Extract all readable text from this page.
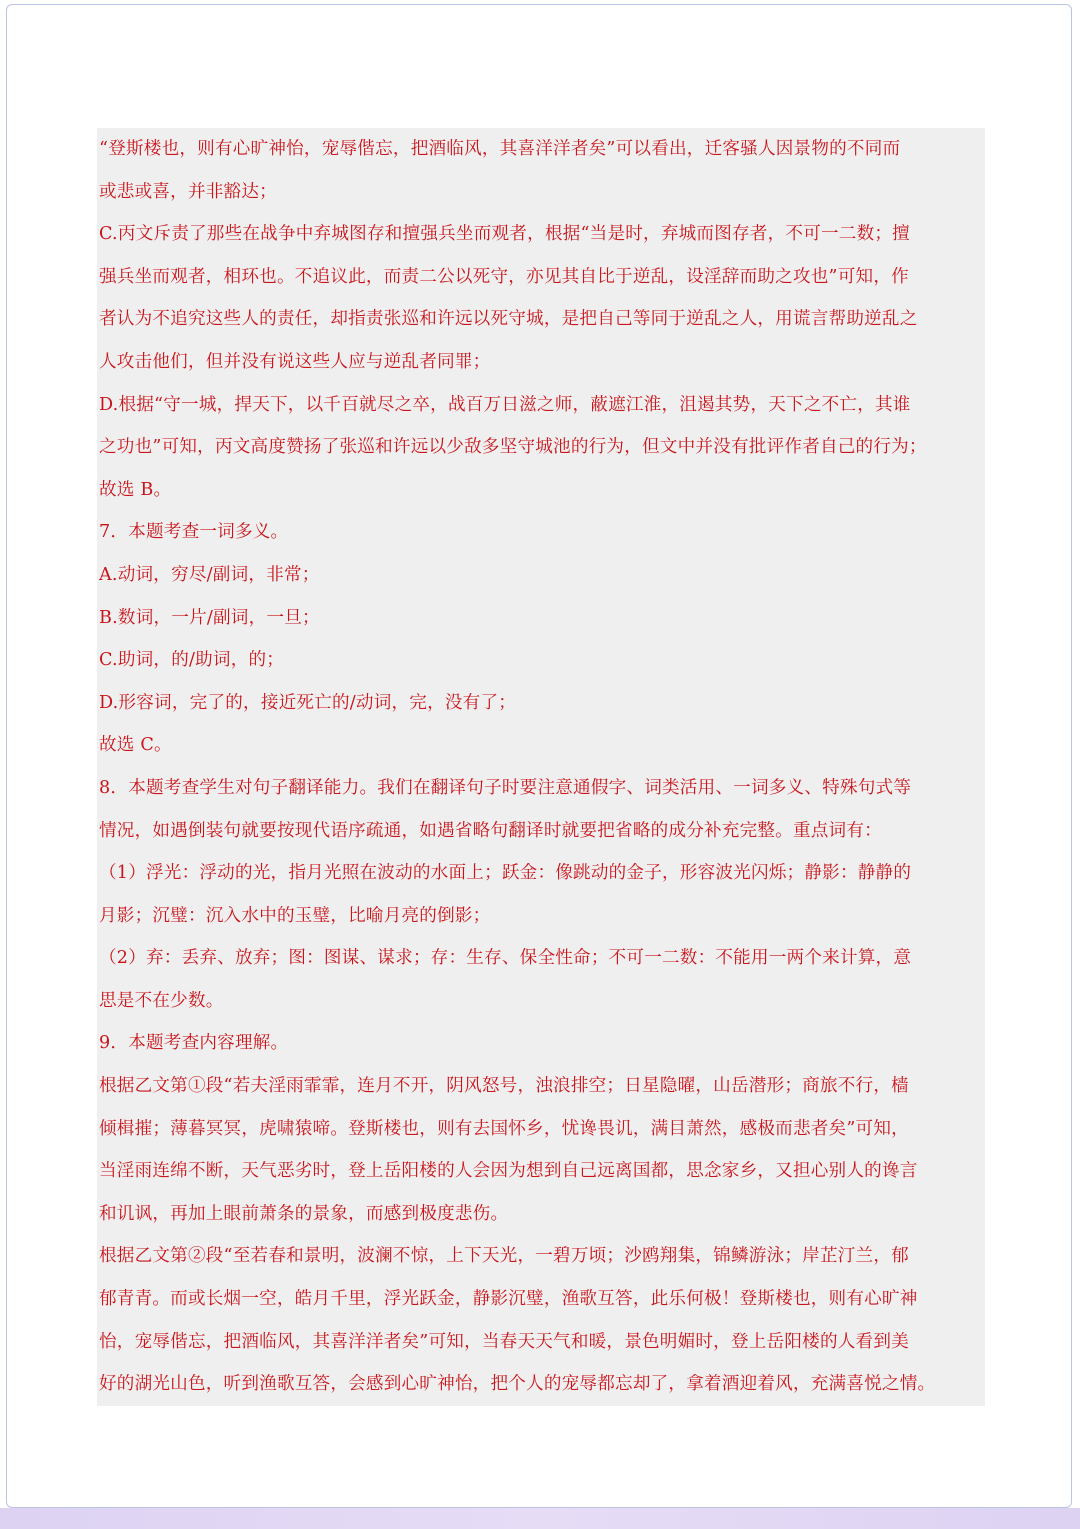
“登斯楼也，则有心旷神怡，宠辱偕忘，把酒临风，其喜洋洋者矣”可以看出，迁客骚人因景物的不同而
或悲或喜，并非豁达；
C.丙文斥责了那些在战争中弃城图存和擅强兵坐而观者，根据“当是时，弃城而图存者，不可一二数；擅
强兵坐而观者，相环也。不追议此，而责二公以死守，亦见其自比于逆乱，设淫辞而助之攻也”可知，作
者认为不追究这些人的责任，却指责张巡和许远以死守城，是把自己等同于逆乱之人，用谎言帮助逆乱之
人攻击他们，但并没有说这些人应与逆乱者同罪；
D.根据“守一城，捍天下，以千百就尽之卒，战百万日滋之师，蔽遮江淮，沮遏其势，天下之不亡，其谁
之功也”可知，丙文高度赞扬了张巡和许远以少敌多坚守城池的行为，但文中并没有批评作者自己的行为；
故选 B。
7．本题考查一词多义。
A.动词，穷尽/副词，非常；
B.数词，一片/副词，一旦；
C.助词，的/助词，的；
D.形容词，完了的，接近死亡的/动词，完，没有了；
故选 C。
8．本题考查学生对句子翻译能力。我们在翻译句子时要注意通假字、词类活用、一词多义、特殊句式等
情况，如遇倒装句就要按现代语序疏通，如遇省略句翻译时就要把省略的成分补充完整。重点词有：
（1）浮光：浮动的光，指月光照在波动的水面上；跃金：像跳动的金子，形容波光闪烁；静影：静静的
月影；沉璧：沉入水中的玉璧，比喻月亮的倒影；
（2）弃：丢弃、放弃；图：图谋、谋求；存：生存、保全性命；不可一二数：不能用一两个来计算，意
思是不在少数。
9．本题考查内容理解。
根据乙文第①段“若夫淫雨霏霏，连月不开，阴风怒号，浊浪排空；日星隐曜，山岳潜形；商旅不行，樯
倾楫摧；薄暮冥冥，虎啸猿啼。登斯楼也，则有去国怀乡，忧谗畏讥，满目萧然，感极而悲者矣”可知，
当淫雨连绵不断，天气恶劣时，登上岳阳楼的人会因为想到自己远离国都，思念家乡，又担心别人的谗言
和讥讽，再加上眼前萧条的景象，而感到极度悲伤。
根据乙文第②段“至若春和景明，波澜不惊，上下天光，一碧万顷；沙鸥翔集，锦鳞游泳；岸芷汀兰，郁
郁青青。而或长烟一空，皓月千里，浮光跃金，静影沉璧，渔歌互答，此乐何极！登斯楼也，则有心旷神
怡，宠辱偕忘，把酒临风，其喜洋洋者矣”可知，当春天天气和暖，景色明媚时，登上岳阳楼的人看到美
好的湖光山色，听到渔歌互答，会感到心旷神怡，把个人的宠辱都忘却了，拿着酒迎着风，充满喜悦之情。
